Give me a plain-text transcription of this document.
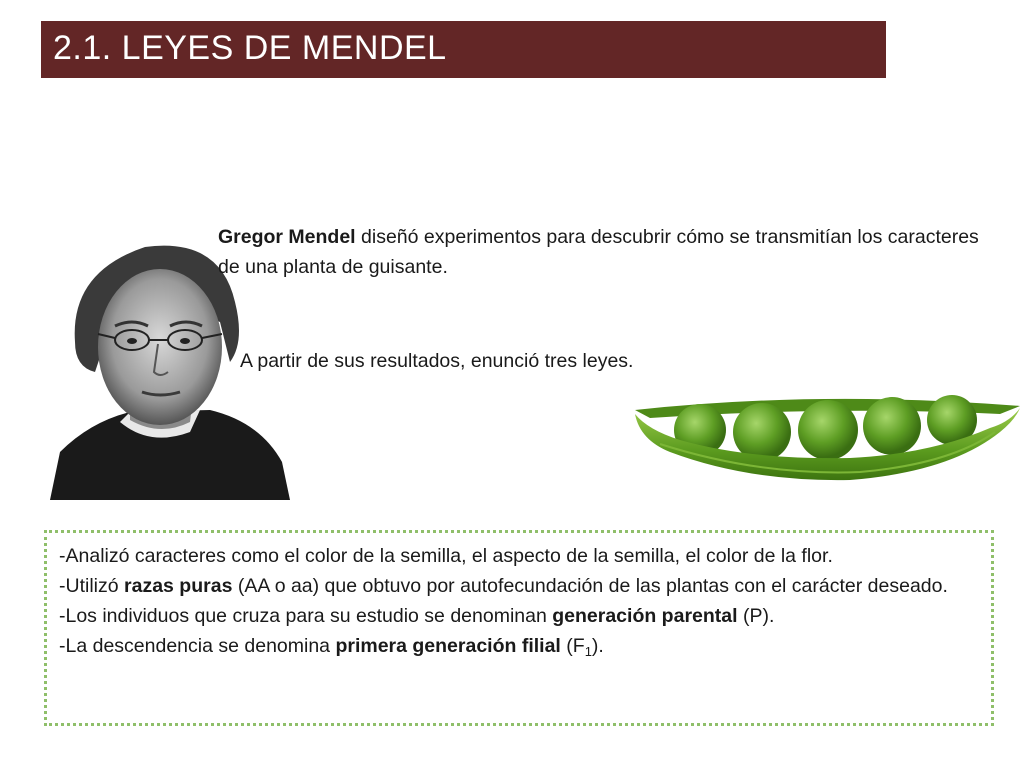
2.1. LEYES DE MENDEL
Gregor Mendel diseñó experimentos para descubrir cómo se transmitían los caracteres de una planta de guisante.
A partir de sus resultados, enunció tres leyes.

-Analizó caracteres como el color de la semilla, el aspecto de la semilla, el color de la flor.

-Utilizó razas puras (AA o aa) que obtuvo por autofecundación de las plantas con el carácter deseado.

-Los individuos que cruza para su estudio se denominan generación parental (P).

-La descendencia se denomina primera generación filial $(F_1)$.
